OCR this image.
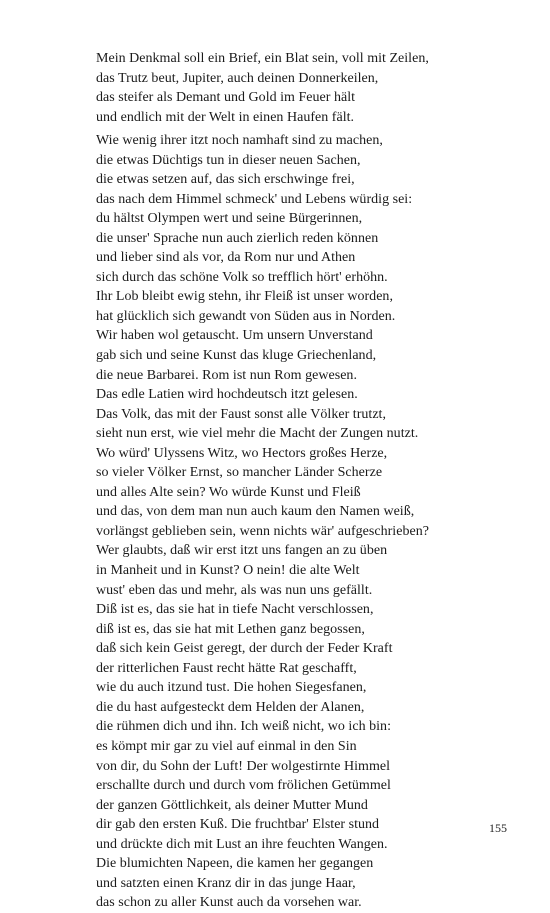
Mein Denkmal soll ein Brief, ein Blat sein, voll mit Zeilen,
das Trutz beut, Jupiter, auch deinen Donnerkeilen,
das steifer als Demant und Gold im Feuer hält
und endlich mit der Welt in einen Haufen fält.
Wie wenig ihrer itzt noch namhaft sind zu machen,
die etwas Düchtigs tun in dieser neuen Sachen,
die etwas setzen auf, das sich erschwinge frei,
das nach dem Himmel schmeck' und Lebens würdig sei:
du hältst Olympen wert und seine Bürgerinnen,
die unser' Sprache nun auch zierlich reden können
und lieber sind als vor, da Rom nur und Athen
sich durch das schöne Volk so trefflich hört' erhöhn.
Ihr Lob bleibt ewig stehn, ihr Fleiß ist unser worden,
hat glücklich sich gewandt von Süden aus in Norden.
Wir haben wol getauscht. Um unsern Unverstand
gab sich und seine Kunst das kluge Griechenland,
die neue Barbarei. Rom ist nun Rom gewesen.
Das edle Latien wird hochdeutsch itzt gelesen.
Das Volk, das mit der Faust sonst alle Völker trutzt,
sieht nun erst, wie viel mehr die Macht der Zungen nutzt.
Wo würd' Ulyssens Witz, wo Hectors großes Herze,
so vieler Völker Ernst, so mancher Länder Scherze
und alles Alte sein? Wo würde Kunst und Fleiß
und das, von dem man nun auch kaum den Namen weiß,
vorlängst geblieben sein, wenn nichts wär' aufgeschrieben?
Wer glaubts, daß wir erst itzt uns fangen an zu üben
in Manheit und in Kunst? O nein! die alte Welt
wust' eben das und mehr, als was nun uns gefällt.
Diß ist es, das sie hat in tiefe Nacht verschlossen,
diß ist es, das sie hat mit Lethen ganz begossen,
daß sich kein Geist geregt, der durch der Feder Kraft
der ritterlichen Faust recht hätte Rat geschafft,
wie du auch itzund tust. Die hohen Siegesfanen,
die du hast aufgesteckt dem Helden der Alanen,
die rühmen dich und ihn. Ich weiß nicht, wo ich bin:
es kömpt mir gar zu viel auf einmal in den Sin
von dir, du Sohn der Luft! Der wolgestirnte Himmel
erschallte durch und durch vom frölichen Getümmel
der ganzen Göttlichkeit, als deiner Mutter Mund
dir gab den ersten Kuß. Die fruchtbar' Elster stund
und drückte dich mit Lust an ihre feuchten Wangen.
Die blumichten Napeen, die kamen her gegangen
und satzten einen Kranz dir in das junge Haar,
das schon zu aller Kunst auch da vorsehen war.
155
